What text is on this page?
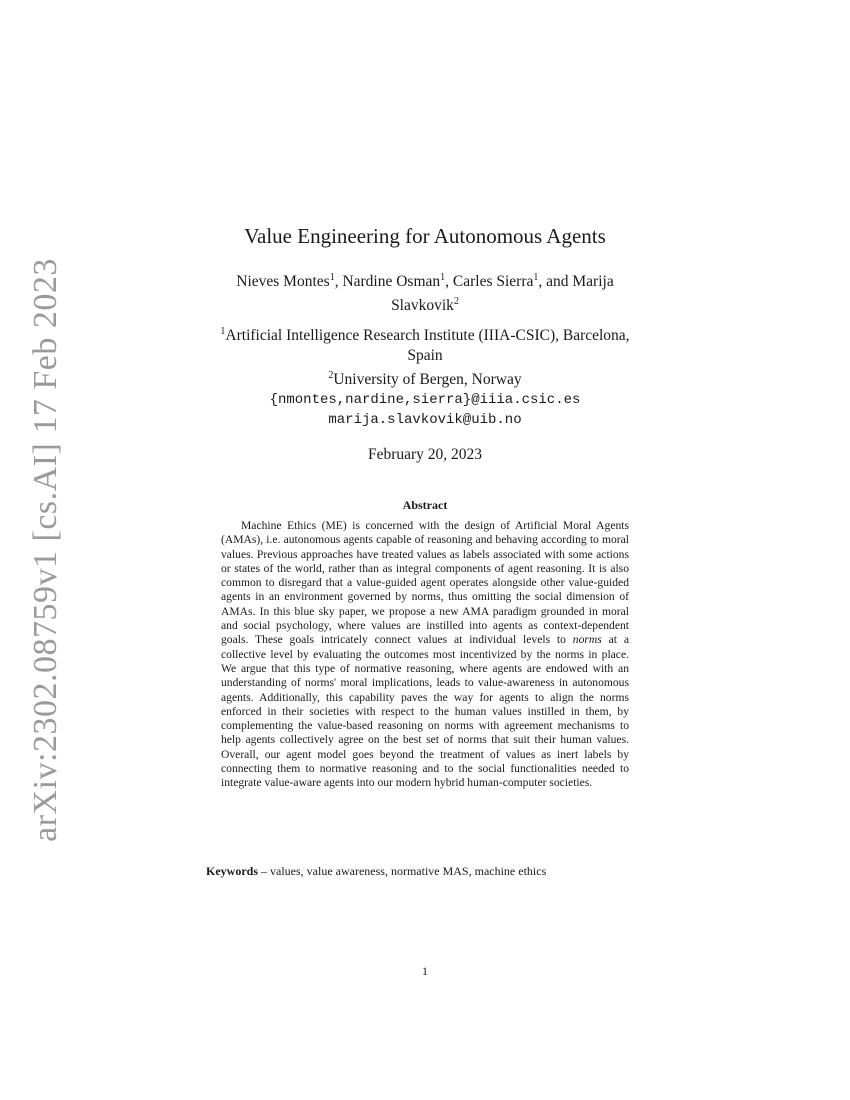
arXiv:2302.08759v1 [cs.AI] 17 Feb 2023
Value Engineering for Autonomous Agents
Nieves Montes$^1$, Nardine Osman$^1$, Carles Sierra$^1$, and Marija
Slavkovik$^2$
$^1$Artificial Intelligence Research Institute (IIIA-CSIC), Barcelona,
Spain
$^2$University of Bergen, Norway
{nmontes,nardine,sierra}@iiia.csic.es
marija.slavkovik@uib.no
February 20, 2023
Abstract

Machine Ethics (ME) is concerned with the design of Artificial Moral Agents (AMAs), i.e. autonomous agents capable of reasoning and behaving according to moral values. Previous approaches have treated values as labels associated with some actions or states of the world, rather than as integral components of agent reasoning. It is also common to disregard that a value-guided agent operates alongside other value-guided agents in an environment governed by norms, thus omitting the social dimension of AMAs. In this blue sky paper, we propose a new AMA paradigm grounded in moral and social psychology, where values are instilled into agents as context-dependent goals. These goals intricately connect values at individual levels to norms at a collective level by evaluating the outcomes most incentivized by the norms in place. We argue that this type of normative reasoning, where agents are endowed with an understanding of norms' moral implications, leads to value-awareness in autonomous agents. Additionally, this capability paves the way for agents to align the norms enforced in their societies with respect to the human values instilled in them, by complementing the value-based reasoning on norms with agreement mechanisms to help agents collectively agree on the best set of norms that suit their human values. Overall, our agent model goes beyond the treatment of values as inert labels by connecting them to normative reasoning and to the social functionalities needed to integrate value-aware agents into our modern hybrid human-computer societies.

Keywords – values, value awareness, normative MAS, machine ethics
1
